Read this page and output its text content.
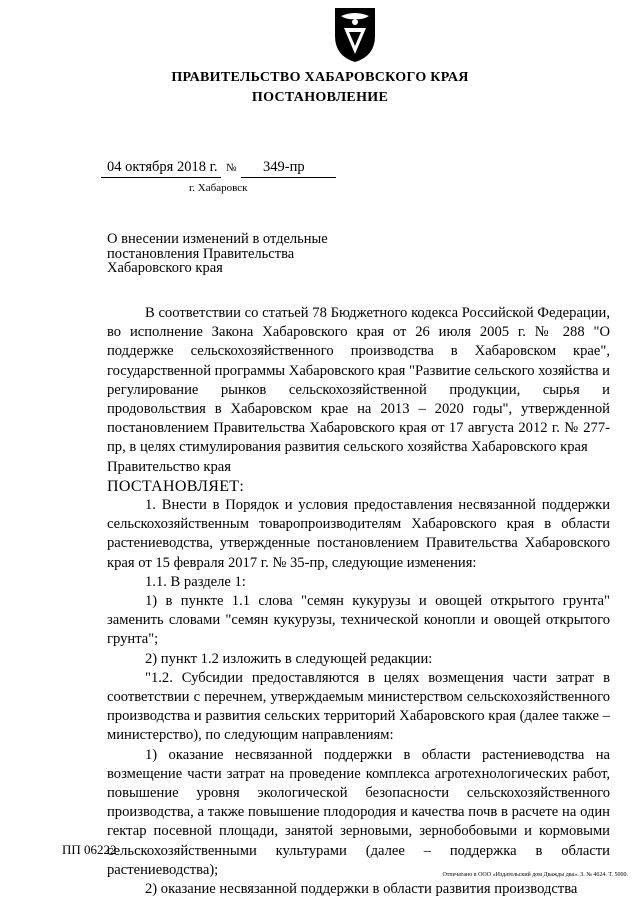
ПРАВИТЕЛЬСТВО ХАБАРОВСКОГО КРАЯ
ПОСТАНОВЛЕНИЕ
04 октября 2018 г. № 349-пр
г. Хабаровск
О внесении изменений в отдельные постановления Правительства Хабаровского края

В соответствии со статьей 78 Бюджетного кодекса Российской Федерации, во исполнение Закона Хабаровского края от 26 июля 2005 г. № 288 "О поддержке сельскохозяйственного производства в Хабаровском крае", государственной программы Хабаровского края "Развитие сельского хозяйства и регулирование рынков сельскохозяйственной продукции, сырья и продовольствия в Хабаровском крае на 2013 – 2020 годы", утвержденной постановлением Правительства Хабаровского края от 17 августа 2012 г. № 277-пр, в целях стимулирования развития сельского хозяйства Хабаровского края

Правительство края

ПОСТАНОВЛЯЕТ:

1. Внести в Порядок и условия предоставления несвязанной поддержки сельскохозяйственным товаропроизводителям Хабаровского края в области растениеводства, утвержденные постановлением Правительства Хабаровского края от 15 февраля 2017 г. № 35-пр, следующие изменения:

1.1. В разделе 1:

1) в пункте 1.1 слова "семян кукурузы и овощей открытого грунта" заменить словами "семян кукурузы, технической конопли и овощей открытого грунта";

2) пункт 1.2 изложить в следующей редакции:

"1.2. Субсидии предоставляются в целях возмещения части затрат в соответствии с перечнем, утверждаемым министерством сельскохозяйственного производства и развития сельских территорий Хабаровского края (далее также – министерство), по следующим направлениям:

1) оказание несвязанной поддержки в области растениеводства на возмещение части затрат на проведение комплекса агротехнологических работ, повышение уровня экологической безопасности сельскохозяйственного производства, а также повышение плодородия и качества почв в расчете на один гектар посевной площади, занятой зерновыми, зернобобовыми и кормовыми сельскохозяйственными культурами (далее – поддержка в области растениеводства);

2) оказание несвязанной поддержки в области развития производства

ПП 06222
Отпечатано в ООО «Издательский дом Дважды два». З. № 4624. Т. 5000.
